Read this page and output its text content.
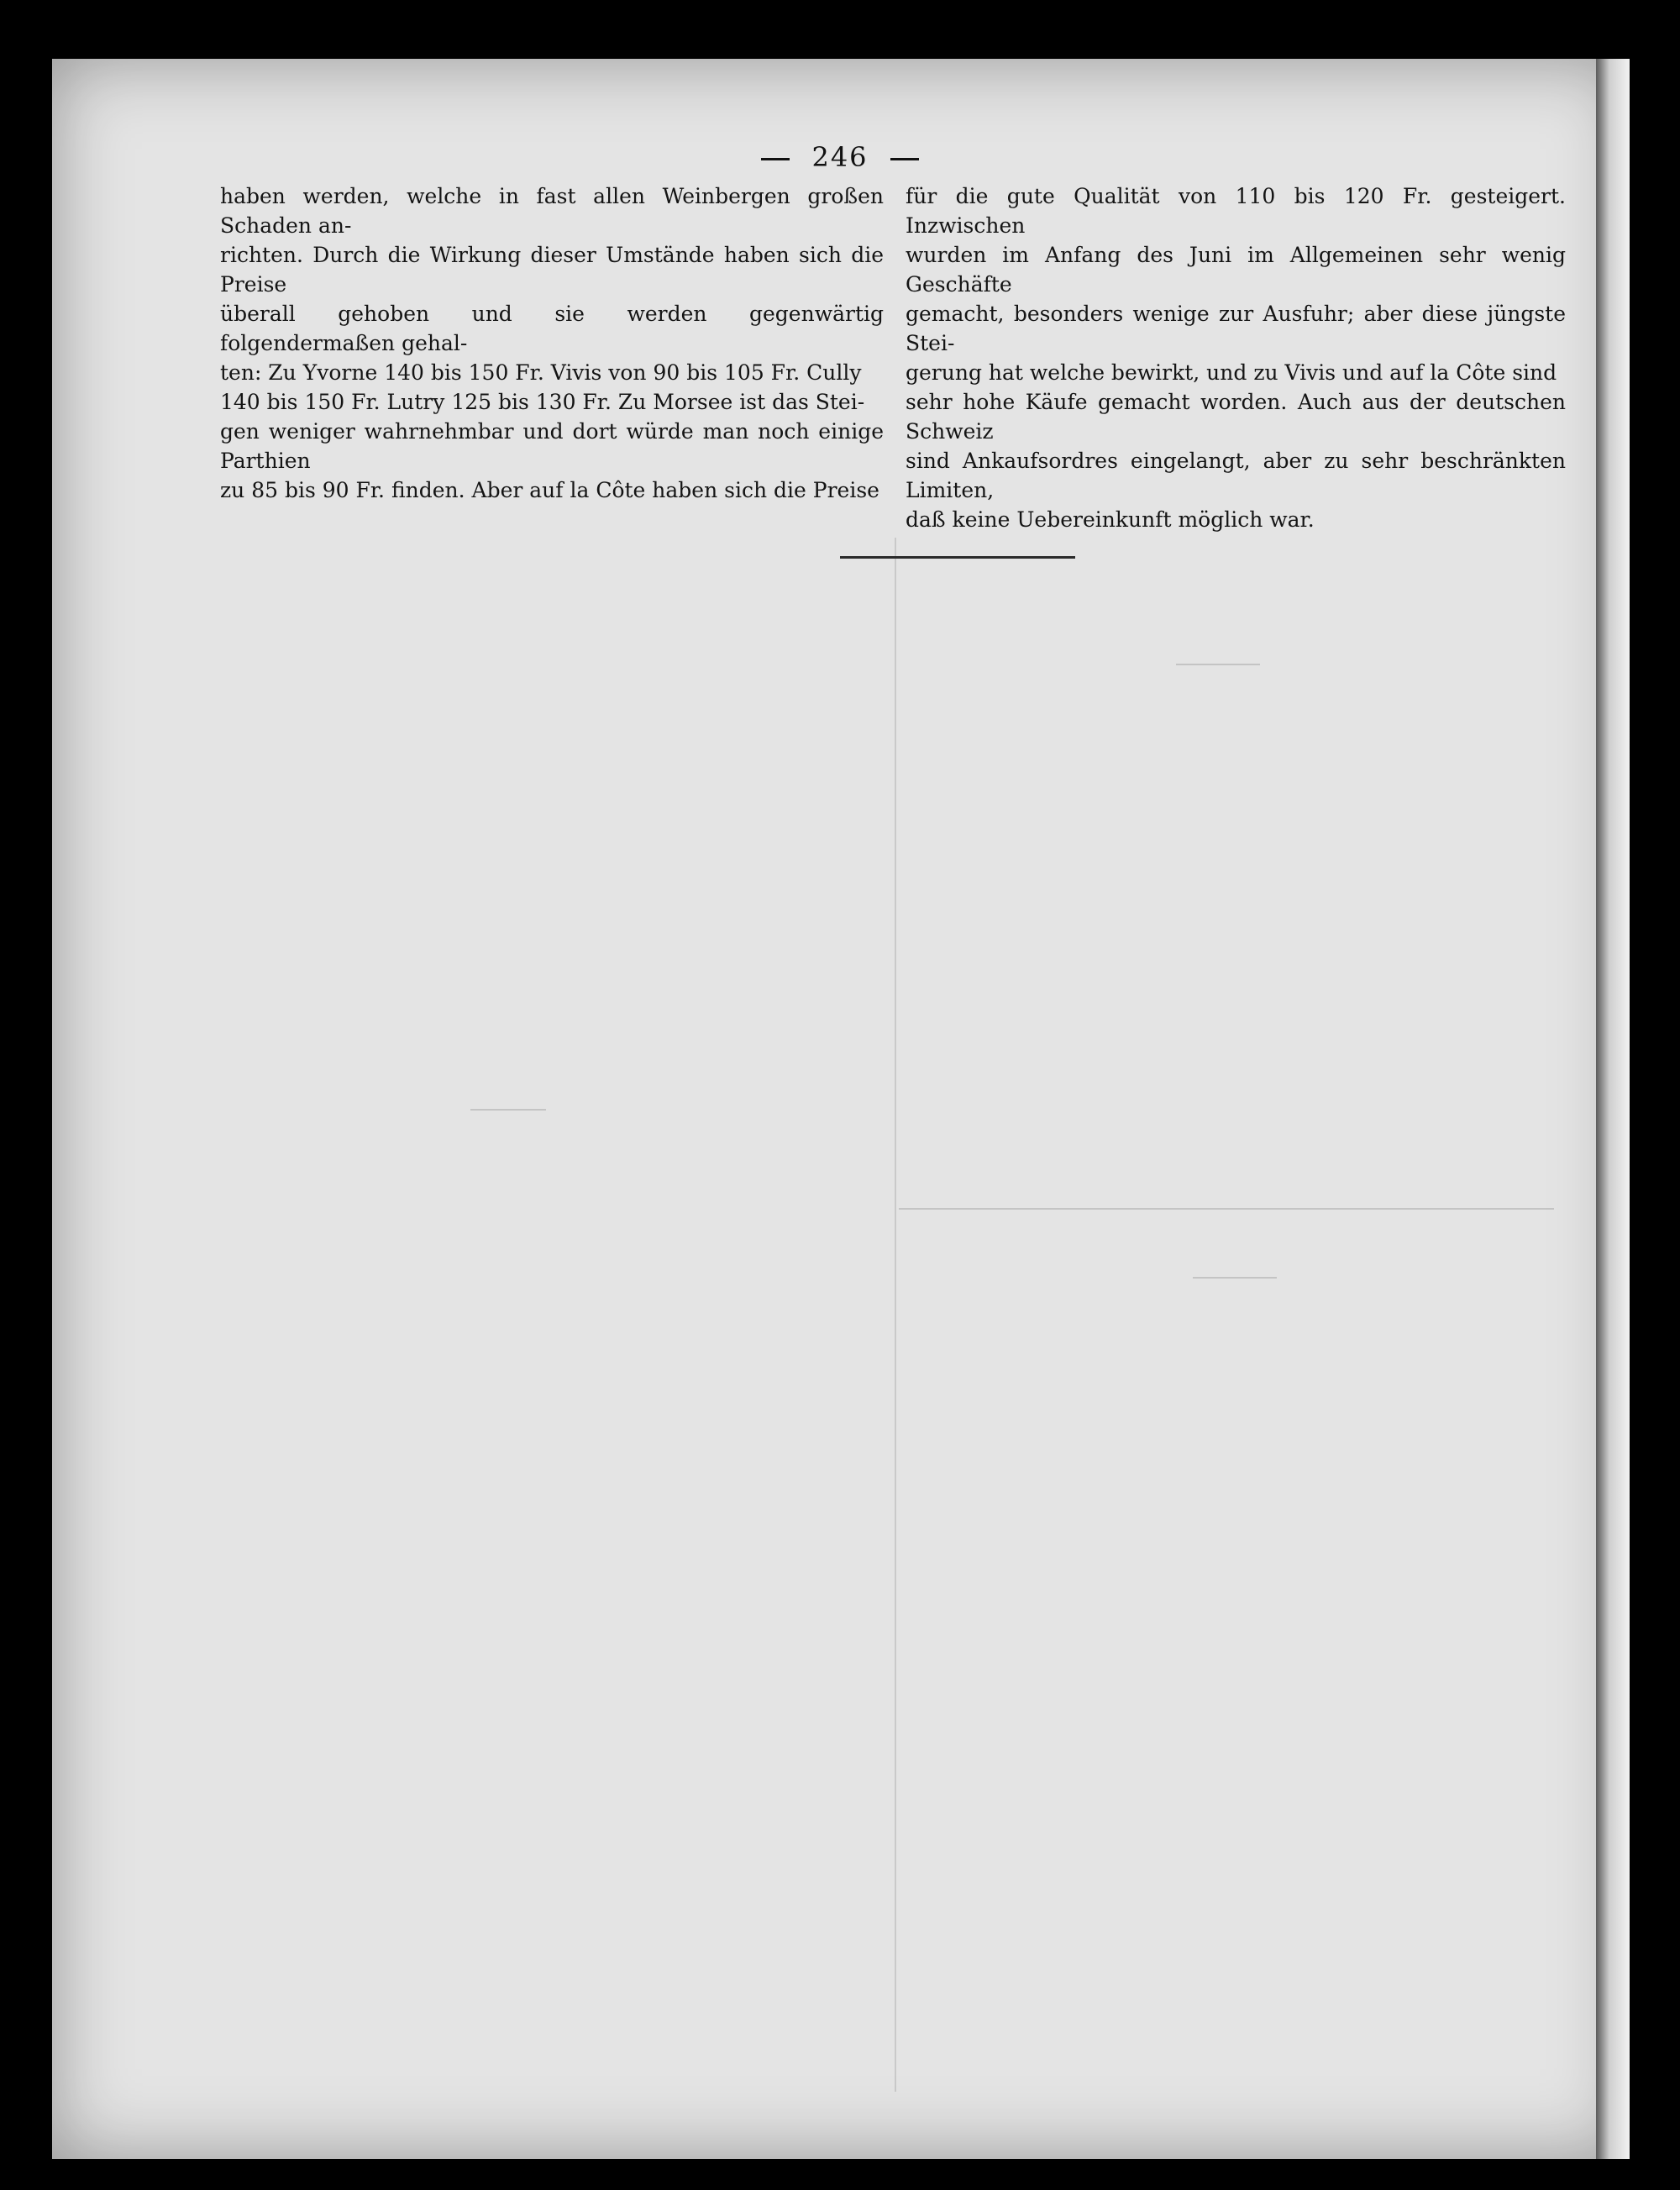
246
haben werden, welche in fast allen Weinbergen großen Schaden an-
richten. Durch die Wirkung dieser Umstände haben sich die Preise
überall gehoben und sie werden gegenwärtig folgendermaßen gehal-
ten: Zu Yvorne 140 bis 150 Fr. Vivis von 90 bis 105 Fr. Cully
140 bis 150 Fr. Lutry 125 bis 130 Fr. Zu Morsee ist das Stei-
gen weniger wahrnehmbar und dort würde man noch einige Parthien
zu 85 bis 90 Fr. finden. Aber auf la Côte haben sich die Preise
für die gute Qualität von 110 bis 120 Fr. gesteigert. Inzwischen
wurden im Anfang des Juni im Allgemeinen sehr wenig Geschäfte
gemacht, besonders wenige zur Ausfuhr; aber diese jüngste Stei-
gerung hat welche bewirkt, und zu Vivis und auf la Côte sind
sehr hohe Käufe gemacht worden. Auch aus der deutschen Schweiz
sind Ankaufsordres eingelangt, aber zu sehr beschränkten Limiten,
daß keine Uebereinkunft möglich war.
